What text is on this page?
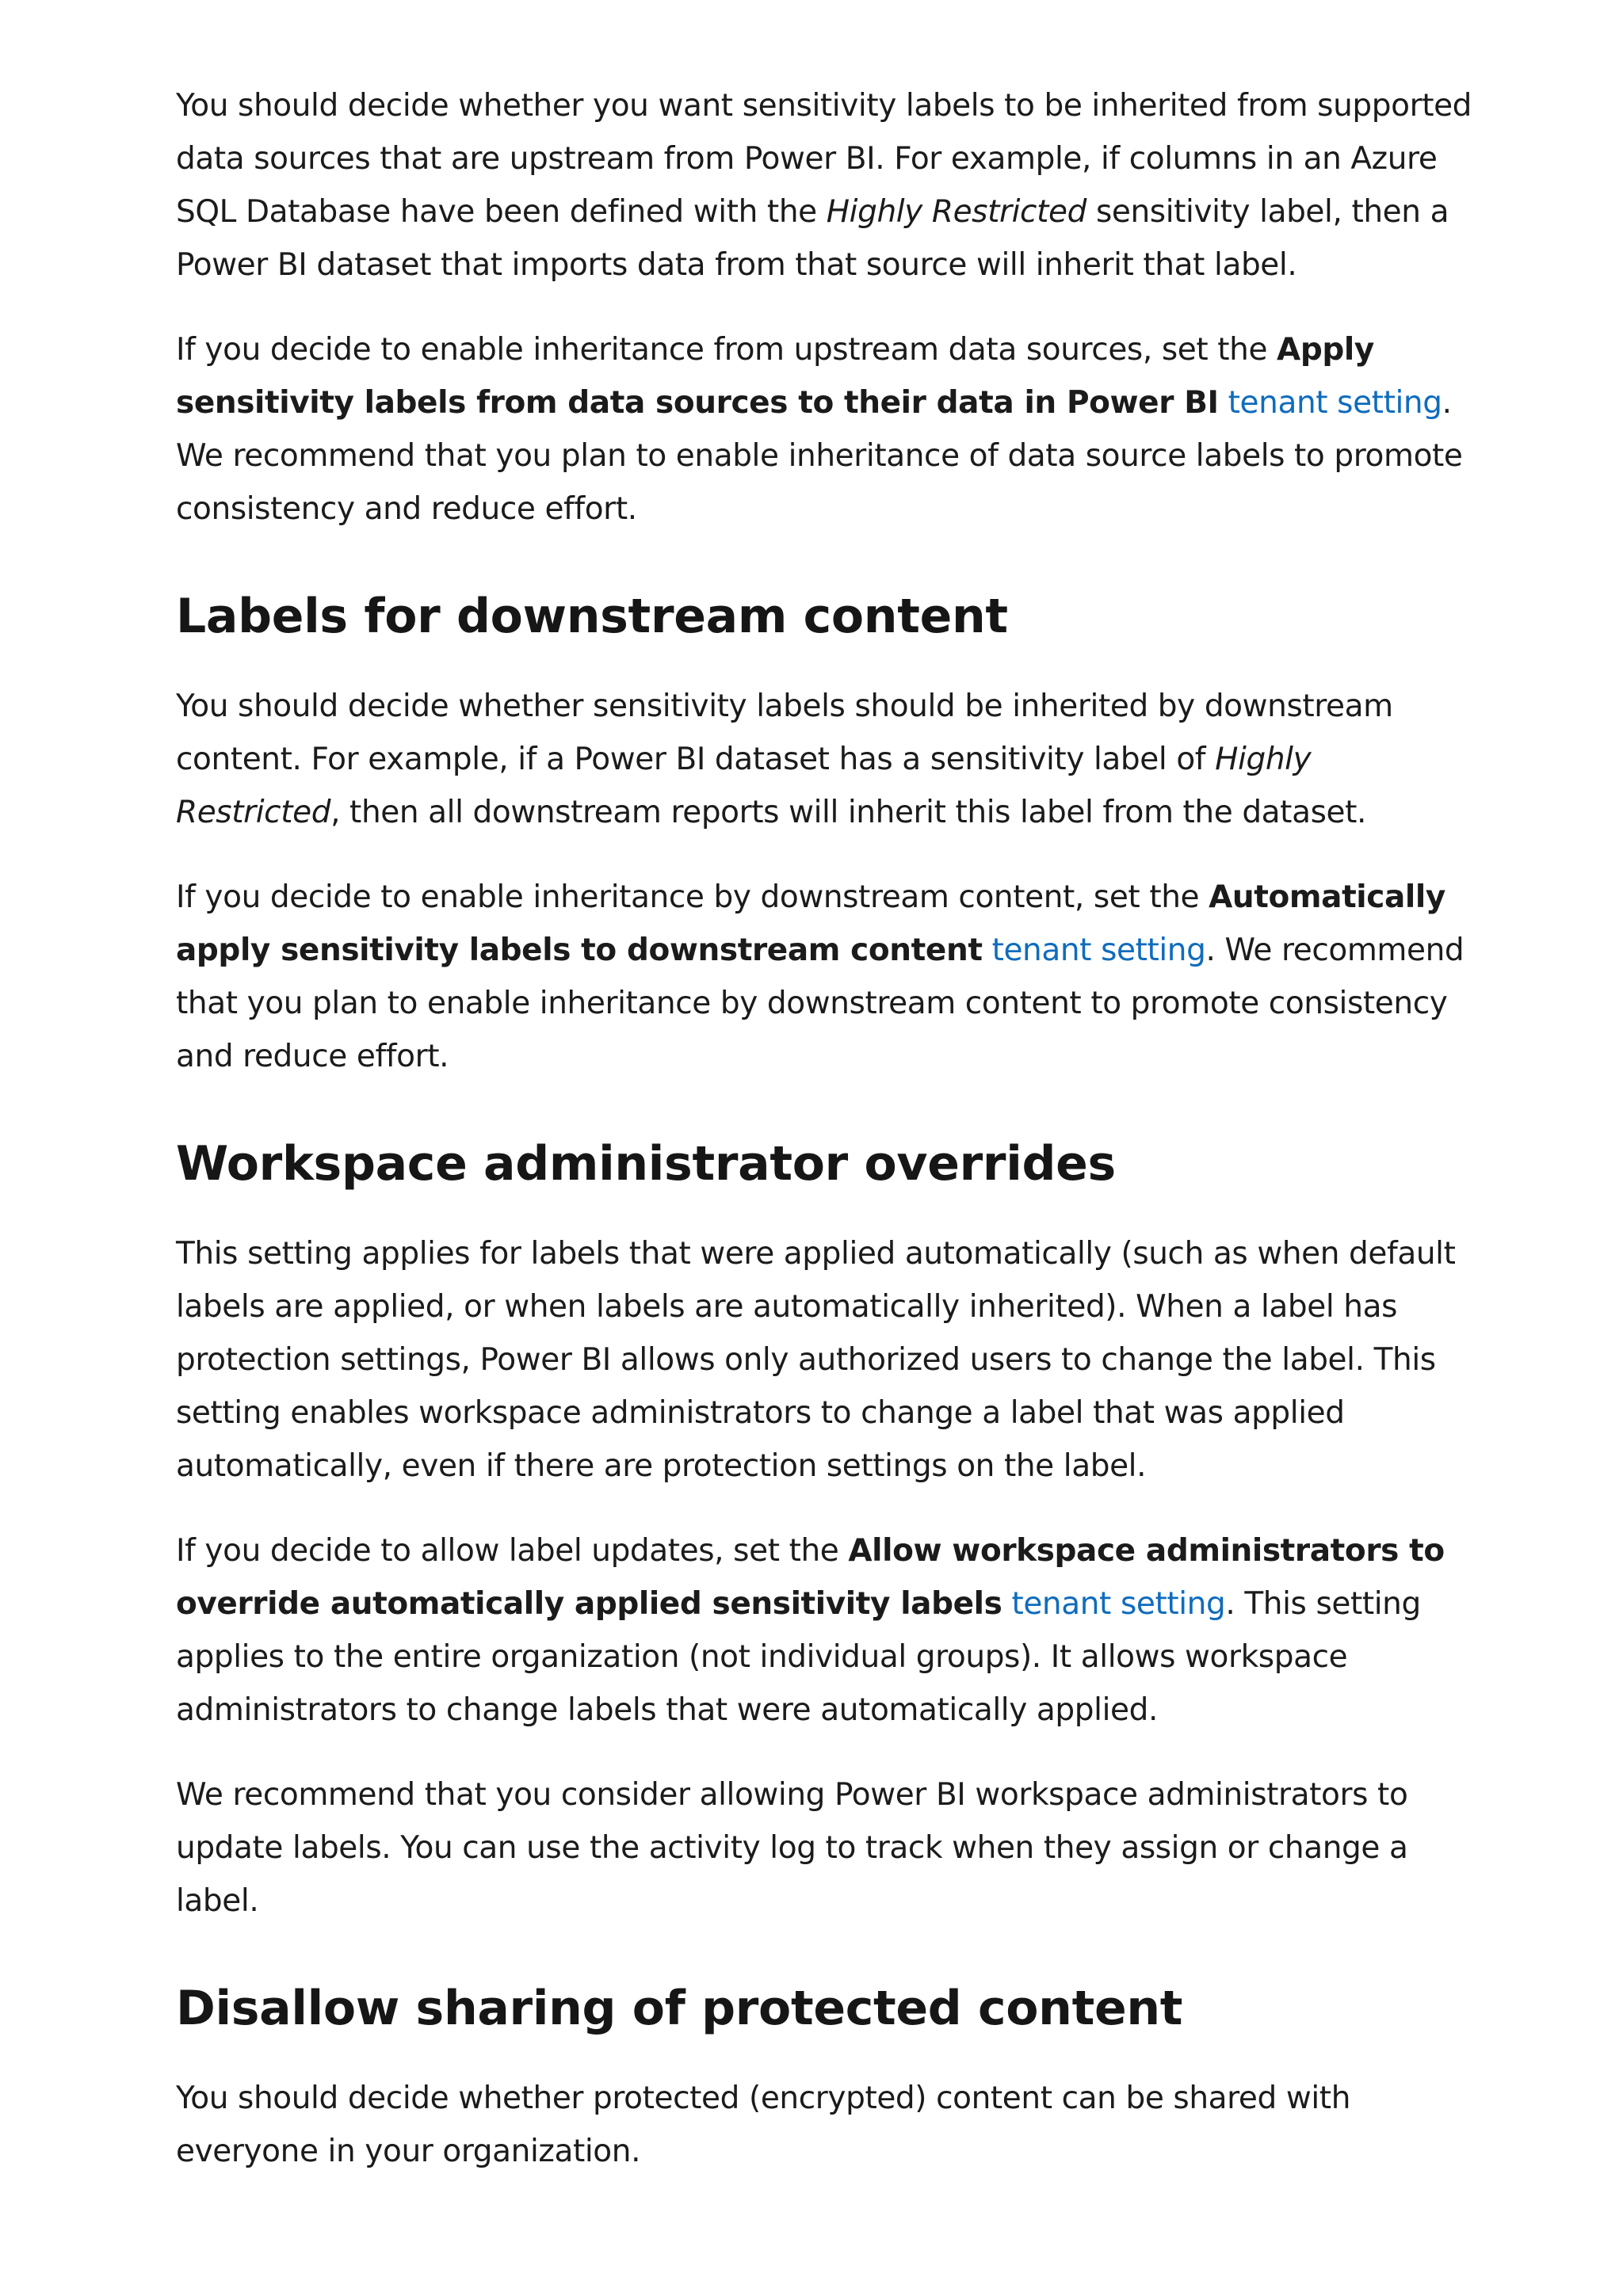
You should decide whether you want sensitivity labels to be inherited from supported data sources that are upstream from Power BI. For example, if columns in an Azure SQL Database have been defined with the Highly Restricted sensitivity label, then a Power BI dataset that imports data from that source will inherit that label.

If you decide to enable inheritance from upstream data sources, set the Apply sensitivity labels from data sources to their data in Power BI tenant setting. We recommend that you plan to enable inheritance of data source labels to promote consistency and reduce effort.

Labels for downstream content

You should decide whether sensitivity labels should be inherited by downstream content. For example, if a Power BI dataset has a sensitivity label of Highly Restricted, then all downstream reports will inherit this label from the dataset.

If you decide to enable inheritance by downstream content, set the Automatically apply sensitivity labels to downstream content tenant setting. We recommend that you plan to enable inheritance by downstream content to promote consistency and reduce effort.

Workspace administrator overrides

This setting applies for labels that were applied automatically (such as when default labels are applied, or when labels are automatically inherited). When a label has protection settings, Power BI allows only authorized users to change the label. This setting enables workspace administrators to change a label that was applied automatically, even if there are protection settings on the label.

If you decide to allow label updates, set the Allow workspace administrators to override automatically applied sensitivity labels tenant setting. This setting applies to the entire organization (not individual groups). It allows workspace administrators to change labels that were automatically applied.

We recommend that you consider allowing Power BI workspace administrators to update labels. You can use the activity log to track when they assign or change a label.

Disallow sharing of protected content

You should decide whether protected (encrypted) content can be shared with everyone in your organization.
